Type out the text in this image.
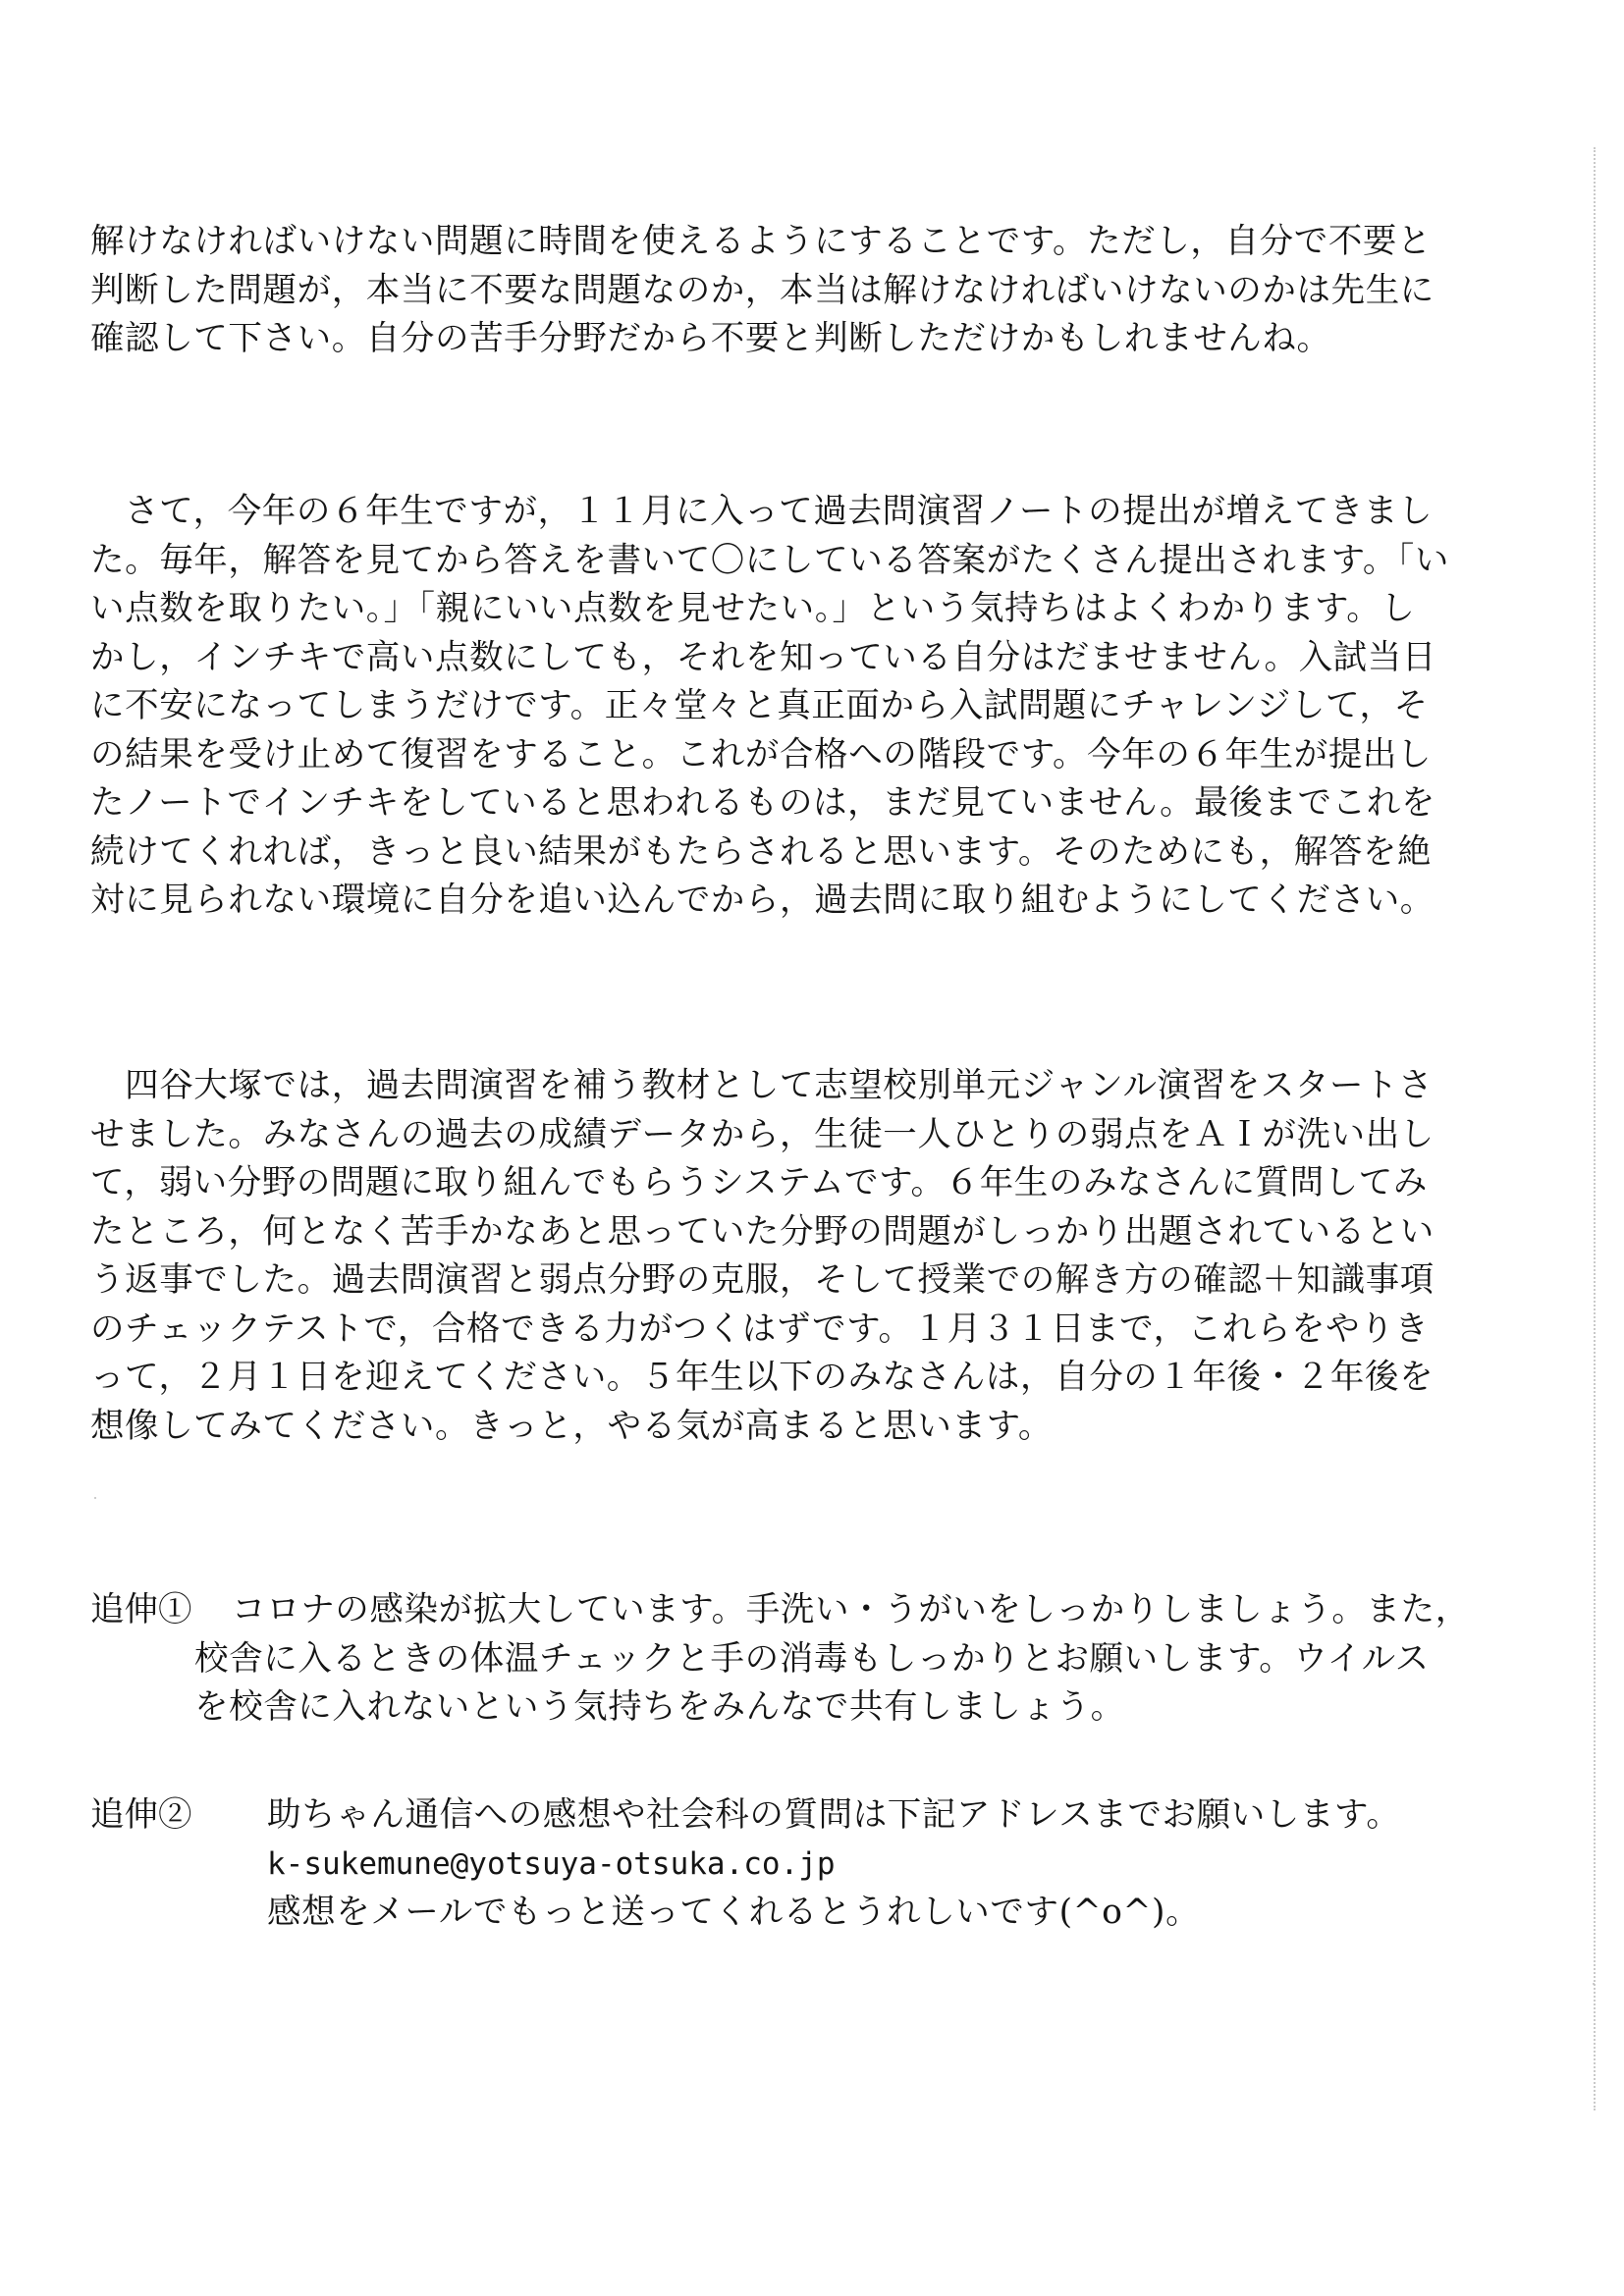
解けなければいけない問題に時間を使えるようにすることです。ただし，自分で不要と
判断した問題が，本当に不要な問題なのか，本当は解けなければいけないのかは先生に
確認して下さい。自分の苦手分野だから不要と判断しただけかもしれませんね。
　さて，今年の６年生ですが，１１月に入って過去問演習ノートの提出が増えてきまし
た。毎年，解答を見てから答えを書いて〇にしている答案がたくさん提出されます。「い
い点数を取りたい。」「親にいい点数を見せたい。」という気持ちはよくわかります。し
かし，インチキで高い点数にしても，それを知っている自分はだませません。入試当日
に不安になってしまうだけです。正々堂々と真正面から入試問題にチャレンジして，そ
の結果を受け止めて復習をすること。これが合格への階段です。今年の６年生が提出し
たノートでインチキをしていると思われるものは，まだ見ていません。最後までこれを
続けてくれれば，きっと良い結果がもたらされると思います。そのためにも，解答を絶
対に見られない環境に自分を追い込んでから，過去問に取り組むようにしてください。
　四谷大塚では，過去問演習を補う教材として志望校別単元ジャンル演習をスタートさ
せました。みなさんの過去の成績データから，生徒一人ひとりの弱点をＡＩが洗い出し
て，弱い分野の問題に取り組んでもらうシステムです。６年生のみなさんに質問してみ
たところ，何となく苦手かなあと思っていた分野の問題がしっかり出題されているとい
う返事でした。過去問演習と弱点分野の克服，そして授業での解き方の確認＋知識事項
のチェックテストで，合格できる力がつくはずです。１月３１日まで，これらをやりき
って，２月１日を迎えてください。５年生以下のみなさんは，自分の１年後・２年後を
想像してみてください。きっと，やる気が高まると思います。
追伸① コロナの感染が拡大しています。手洗い・うがいをしっかりしましょう。また，
校舎に入るときの体温チェックと手の消毒もしっかりとお願いします。ウイルス
を校舎に入れないという気持ちをみんなで共有しましょう。
追伸② 助ちゃん通信への感想や社会科の質問は下記アドレスまでお願いします。
k-sukemune@yotsuya-otsuka.co.jp
感想をメールでもっと送ってくれるとうれしいです(^o^)。
